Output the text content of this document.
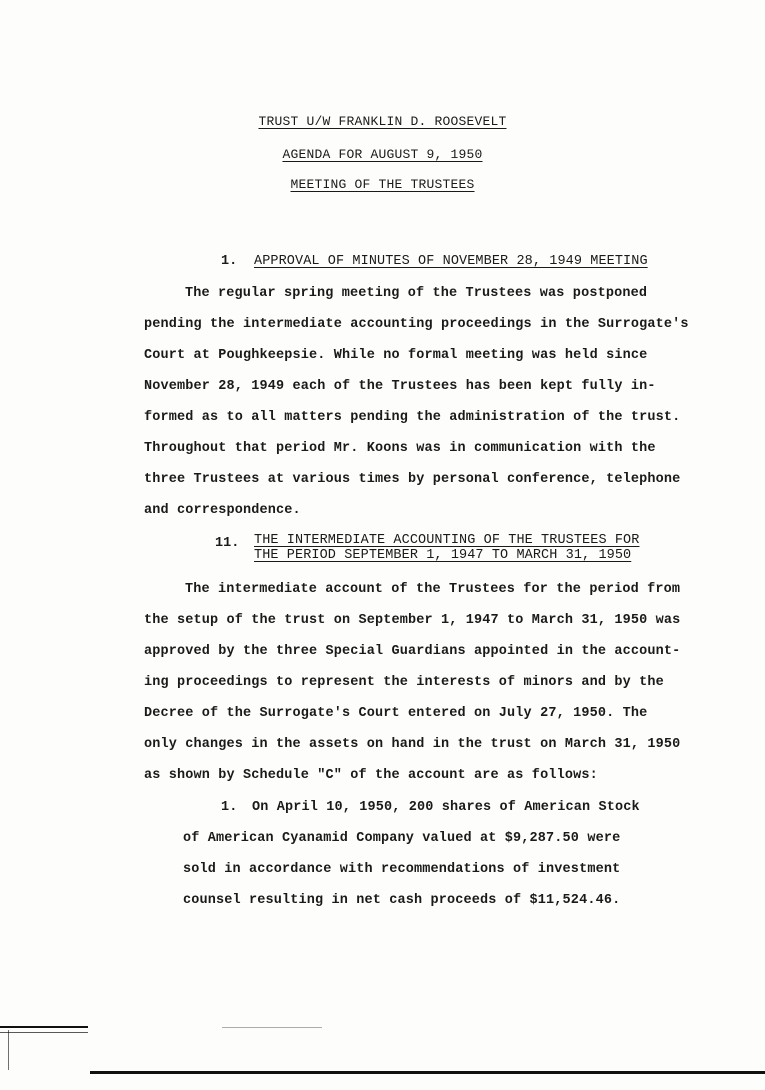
TRUST U/W FRANKLIN D. ROOSEVELT
AGENDA FOR AUGUST 9, 1950
MEETING OF THE TRUSTEES
1. APPROVAL OF MINUTES OF NOVEMBER 28, 1949 MEETING
The regular spring meeting of the Trustees was postponed
pending the intermediate accounting proceedings in the Surrogate's
Court at Poughkeepsie. While no formal meeting was held since
November 28, 1949 each of the Trustees has been kept fully in-
formed as to all matters pending the administration of the trust.
Throughout that period Mr. Koons was in communication with the
three Trustees at various times by personal conference, telephone
and correspondence.
11. THE INTERMEDIATE ACCOUNTING OF THE TRUSTEES FOR
THE PERIOD SEPTEMBER 1, 1947 TO MARCH 31, 1950
The intermediate account of the Trustees for the period from
the setup of the trust on September 1, 1947 to March 31, 1950 was
approved by the three Special Guardians appointed in the account-
ing proceedings to represent the interests of minors and by the
Decree of the Surrogate's Court entered on July 27, 1950. The
only changes in the assets on hand in the trust on March 31, 1950
as shown by Schedule "C" of the account are as follows:
1. On April 10, 1950, 200 shares of American Stock
of American Cyanamid Company valued at $9,287.50 were
sold in accordance with recommendations of investment
counsel resulting in net cash proceeds of $11,524.46.
